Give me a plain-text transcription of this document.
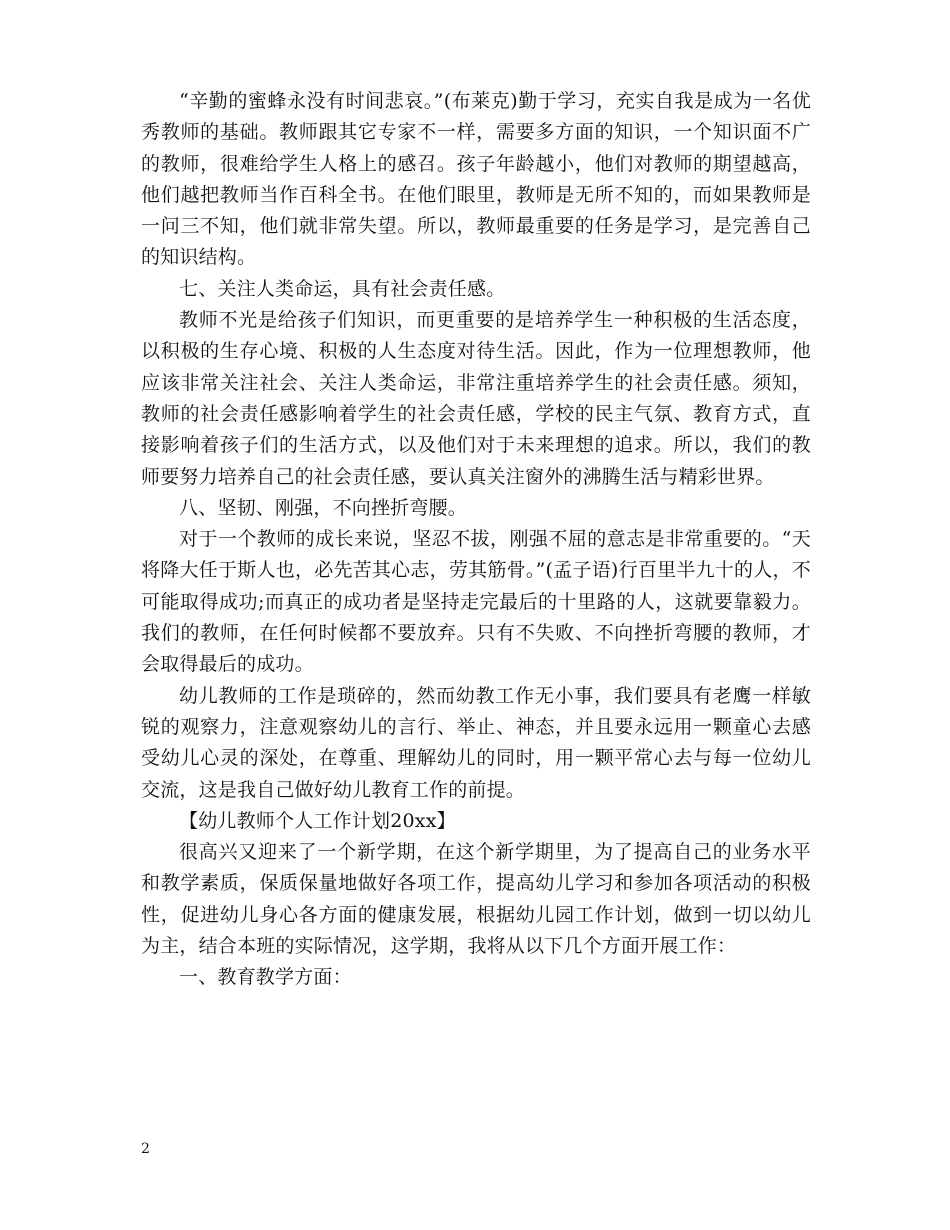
“辛勤的蜜蜂永没有时间悲哀。”(布莱克)勤于学习，充实自我是成为一名优秀教师的基础。教师跟其它专家不一样，需要多方面的知识，一个知识面不广的教师，很难给学生人格上的感召。孩子年龄越小，他们对教师的期望越高，他们越把教师当作百科全书。在他们眼里，教师是无所不知的，而如果教师是一问三不知，他们就非常失望。所以，教师最重要的任务是学习，是完善自己的知识结构。

七、关注人类命运，具有社会责任感。

教师不光是给孩子们知识，而更重要的是培养学生一种积极的生活态度，以积极的生存心境、积极的人生态度对待生活。因此，作为一位理想教师，他应该非常关注社会、关注人类命运，非常注重培养学生的社会责任感。须知，教师的社会责任感影响着学生的社会责任感，学校的民主气氛、教育方式，直接影响着孩子们的生活方式，以及他们对于未来理想的追求。所以，我们的教师要努力培养自己的社会责任感，要认真关注窗外的沸腾生活与精彩世界。

八、坚韧、刚强，不向挫折弯腰。

对于一个教师的成长来说，坚忍不拔，刚强不屈的意志是非常重要的。“天将降大任于斯人也，必先苦其心志，劳其筋骨。”(孟子语)行百里半九十的人，不可能取得成功;而真正的成功者是坚持走完最后的十里路的人，这就要靠毅力。我们的教师，在任何时候都不要放弃。只有不失败、不向挫折弯腰的教师，才会取得最后的成功。

幼儿教师的工作是琐碎的，然而幼教工作无小事，我们要具有老鹰一样敏锐的观察力，注意观察幼儿的言行、举止、神态，并且要永远用一颗童心去感受幼儿心灵的深处，在尊重、理解幼儿的同时，用一颗平常心去与每一位幼儿交流，这是我自己做好幼儿教育工作的前提。

【幼儿教师个人工作计划20xx】

很高兴又迎来了一个新学期，在这个新学期里，为了提高自己的业务水平和教学素质，保质保量地做好各项工作，提高幼儿学习和参加各项活动的积极性，促进幼儿身心各方面的健康发展，根据幼儿园工作计划，做到一切以幼儿为主，结合本班的实际情况，这学期，我将从以下几个方面开展工作：

一、教育教学方面：

2
